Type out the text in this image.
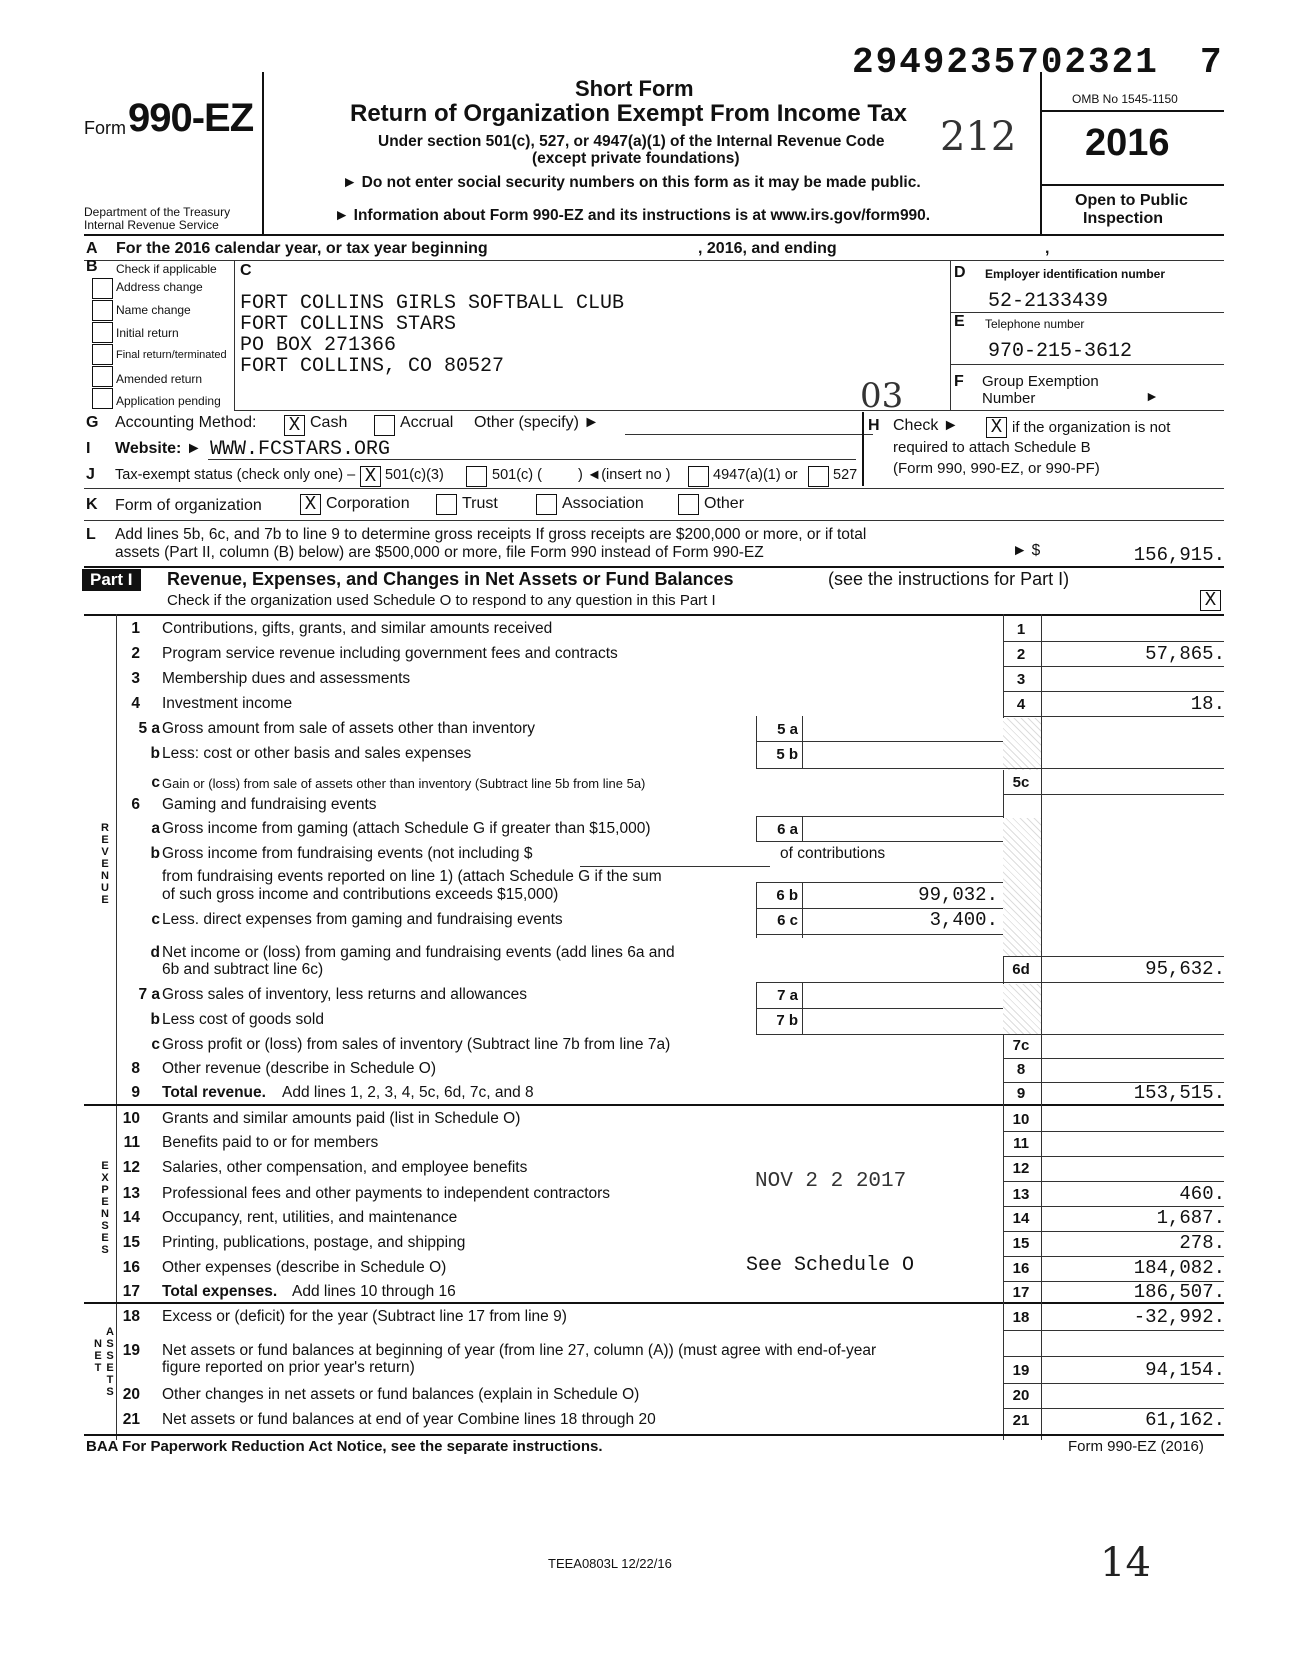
2949235702321 7
Form 990-EZ
Department of the Treasury
Internal Revenue Service
Short Form
Return of Organization Exempt From Income Tax
Under section 501(c), 527, or 4947(a)(1) of the Internal Revenue Code
(except private foundations)
► Do not enter social security numbers on this form as it may be made public.
► Information about Form 990-EZ and its instructions is at www.irs.gov/form990.
212
OMB No 1545-1150
2016
Open to Public
Inspection
A For the 2016 calendar year, or tax year beginning	, 2016, and ending	,
B Check if applicable
Address change
Name change
Initial return
Final return/terminated
Amended return
Application pending
C
FORT COLLINS GIRLS SOFTBALL CLUB
FORT COLLINS STARS
PO BOX 271366
FORT COLLINS, CO 80527
03
D Employer identification number
52-2133439
E Telephone number
970-215-3612
F Group Exemption
Number	►
G Accounting Method: X Cash	Accrual Other (specify) ►	H Check ► X if the organization is not
required to attach Schedule B
(Form 990, 990-EZ, or 990-PF)
I Website: ► WWW.FCSTARS.ORG
J Tax-exempt status (check only one) – X 501(c)(3)	501(c) ( ) ◄(insert no )	4947(a)(1) or 527
K Form of organization X Corporation	Trust	Association	Other
L Add lines 5b, 6c, and 7b to line 9 to determine gross receipts If gross receipts are $200,000 or more, or if total
assets (Part II, column (B) below) are $500,000 or more, file Form 990 instead of Form 990-EZ	► $	156,915.
Part I	Revenue, Expenses, and Changes in Net Assets or Fund Balances	(see the instructions for Part I)
Check if the organization used Schedule O to respond to any question in this Part I	X
R
E
V
E
N
U
E
E
X
P
E
N
S
E
S
N
E
T
A
S
S
E
T
S
1 Contributions, gifts, grants, and similar amounts received	1
2 Program service revenue including government fees and contracts	2	57,865.
3 Membership dues and assessments	3
4 Investment income	4	18.
5 a Gross amount from sale of assets other than inventory	5 a
b Less: cost or other basis and sales expenses	5 b
c Gain or (loss) from sale of assets other than inventory (Subtract line 5b from line 5a)	5c
6 Gaming and fundraising events
a Gross income from gaming (attach Schedule G if greater than $15,000)	6 a
b Gross income from fundraising events (not including $	of contributions
from fundraising events reported on line 1) (attach Schedule G if the sum
of such gross income and contributions exceeds $15,000)	6 b	99,032.
c Less. direct expenses from gaming and fundraising events	6 c	3,400.
d Net income or (loss) from gaming and fundraising events (add lines 6a and
6b and subtract line 6c)	6d	95,632.
7 a Gross sales of inventory, less returns and allowances	7 a
b Less cost of goods sold	7 b
c Gross profit or (loss) from sales of inventory (Subtract line 7b from line 7a)	7c
8 Other revenue (describe in Schedule O)	8
9 Total revenue. Add lines 1, 2, 3, 4, 5c, 6d, 7c, and 8	9	153,515.
10 Grants and similar amounts paid (list in Schedule O)	10
11 Benefits paid to or for members	11
12 Salaries, other compensation, and employee benefits	12
NOV 2 2 2017
13 Professional fees and other payments to independent contractors	13	460.
14 Occupancy, rent, utilities, and maintenance	14	1,687.
15 Printing, publications, postage, and shipping	15	278.
16 Other expenses (describe in Schedule O)	See Schedule O	16	184,082.
17 Total expenses. Add lines 10 through 16	17	186,507.
18 Excess or (deficit) for the year (Subtract line 17 from line 9)	18	-32,992.
19 Net assets or fund balances at beginning of year (from line 27, column (A)) (must agree with end-of-year
figure reported on prior year's return)	19	94,154.
20 Other changes in net assets or fund balances (explain in Schedule O)	20
21 Net assets or fund balances at end of year Combine lines 18 through 20	21	61,162.
BAA For Paperwork Reduction Act Notice, see the separate instructions.	Form 990-EZ (2016)
TEEA0803L 12/22/16	14
